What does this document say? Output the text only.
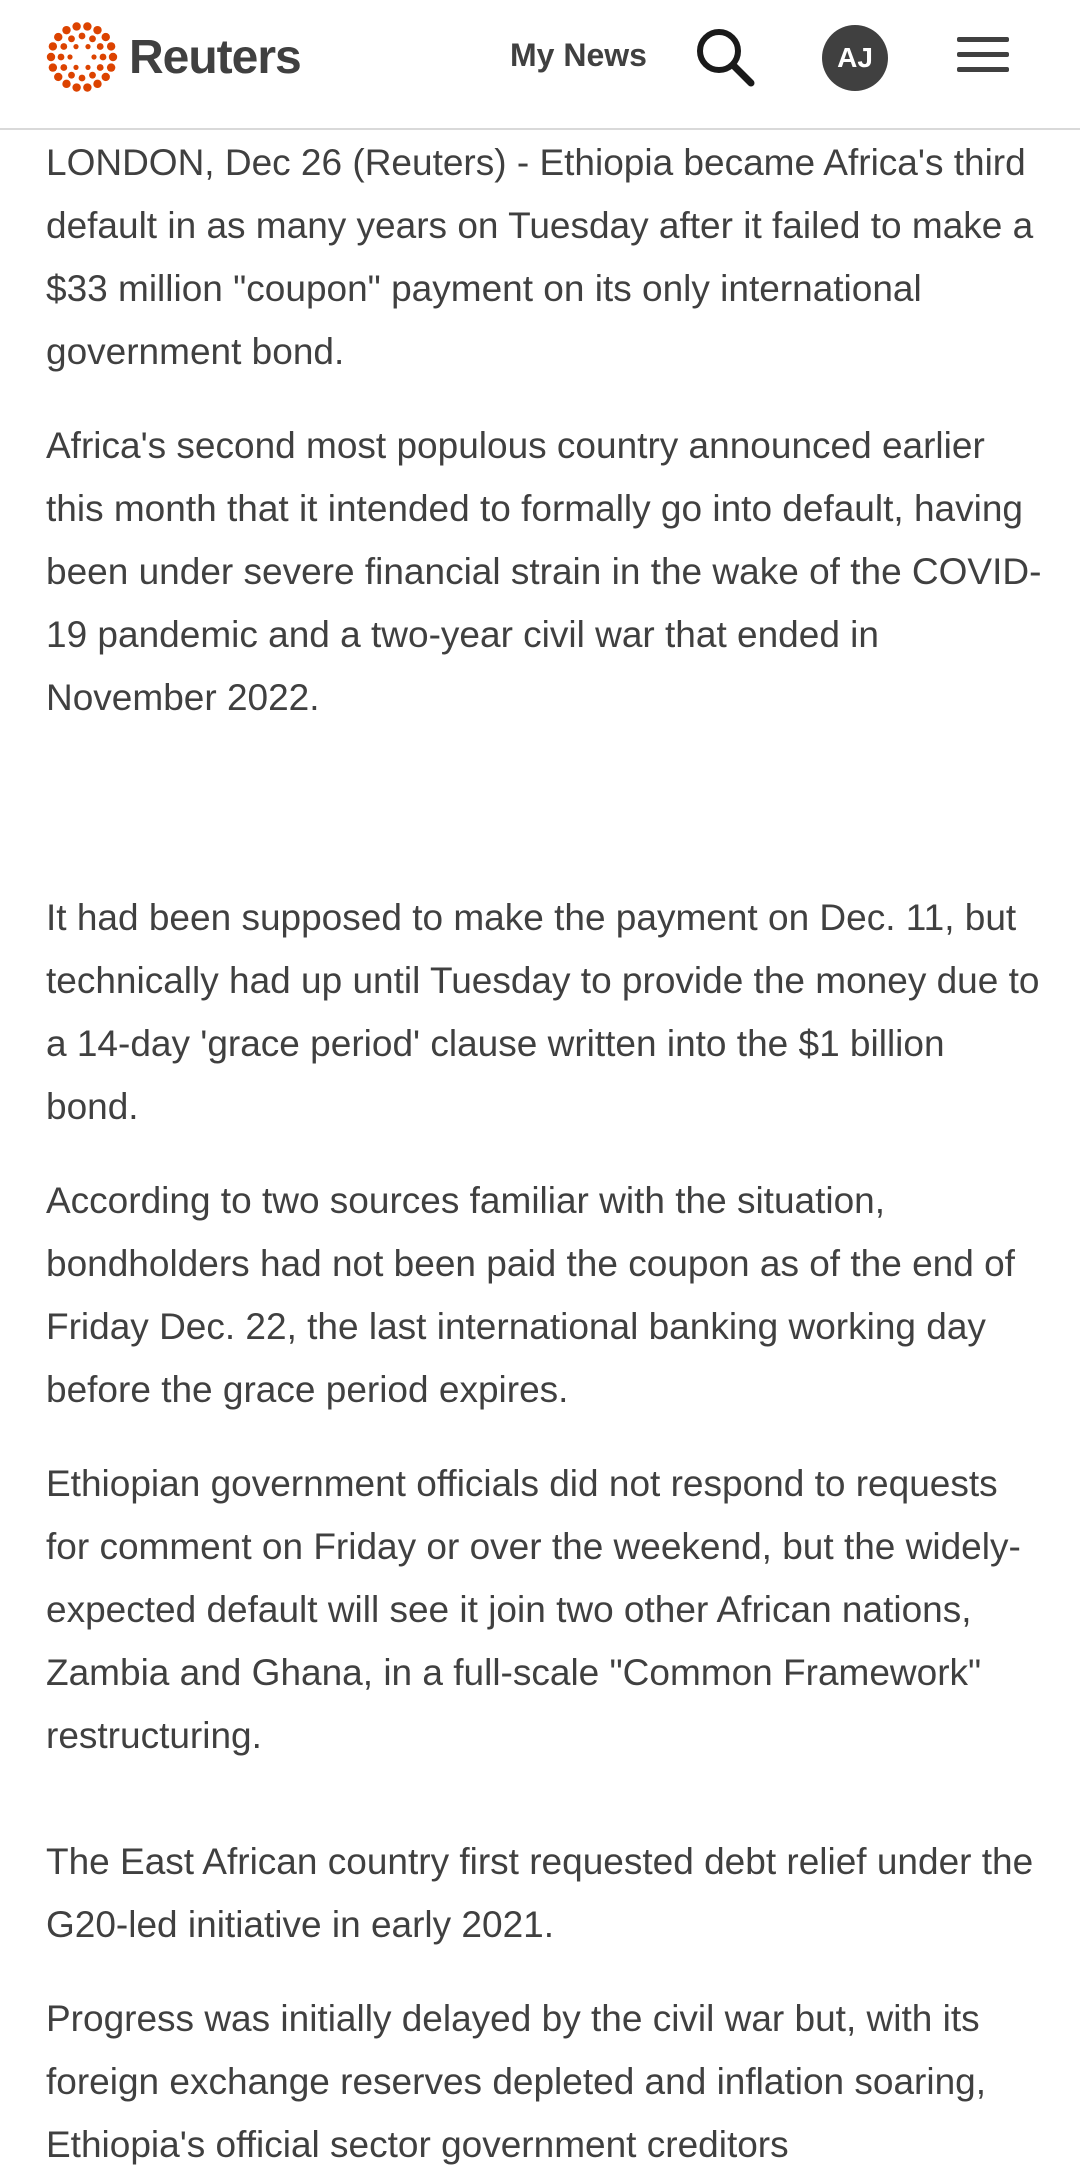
Reuters	My News	AJ

LONDON, Dec 26 (Reuters) - Ethiopia became Africa's third default in as many years on Tuesday after it failed to make a $33 million "coupon" payment on its only international government bond.

Africa's second most populous country announced earlier this month that it intended to formally go into default, having been under severe financial strain in the wake of the COVID-19 pandemic and a two-year civil war that ended in November 2022.

It had been supposed to make the payment on Dec. 11, but technically had up until Tuesday to provide the money due to a 14-day 'grace period' clause written into the $1 billion bond.

According to two sources familiar with the situation, bondholders had not been paid the coupon as of the end of Friday Dec. 22, the last international banking working day before the grace period expires.

Ethiopian government officials did not respond to requests for comment on Friday or over the weekend, but the widely-expected default will see it join two other African nations, Zambia and Ghana, in a full-scale "Common Framework" restructuring.

The East African country first requested debt relief under the G20-led initiative in early 2021.

Progress was initially delayed by the civil war but, with its foreign exchange reserves depleted and inflation soaring, Ethiopia's official sector government creditors
